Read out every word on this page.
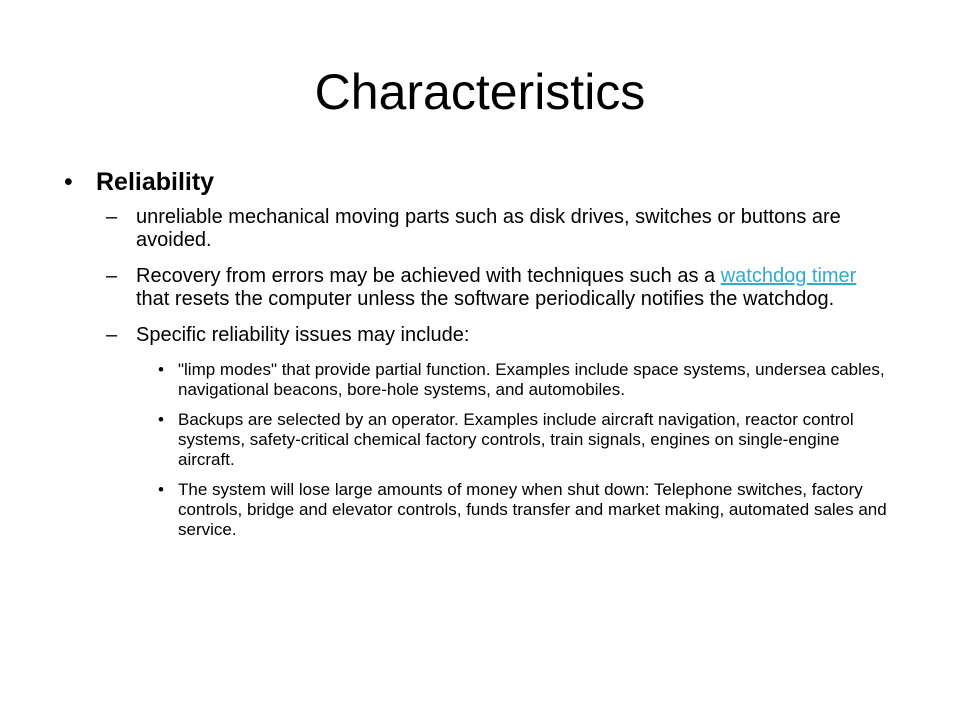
Characteristics
• Reliability
– unreliable mechanical moving parts such as disk drives, switches or buttons are avoided.
– Recovery from errors may be achieved with techniques such as a watchdog timer that resets the computer unless the software periodically notifies the watchdog.
– Specific reliability issues may include:
• "limp modes" that provide partial function. Examples include space systems, undersea cables, navigational beacons, bore-hole systems, and automobiles.
• Backups are selected by an operator. Examples include aircraft navigation, reactor control systems, safety-critical chemical factory controls, train signals, engines on single-engine aircraft.
• The system will lose large amounts of money when shut down: Telephone switches, factory controls, bridge and elevator controls, funds transfer and market making, automated sales and service.
